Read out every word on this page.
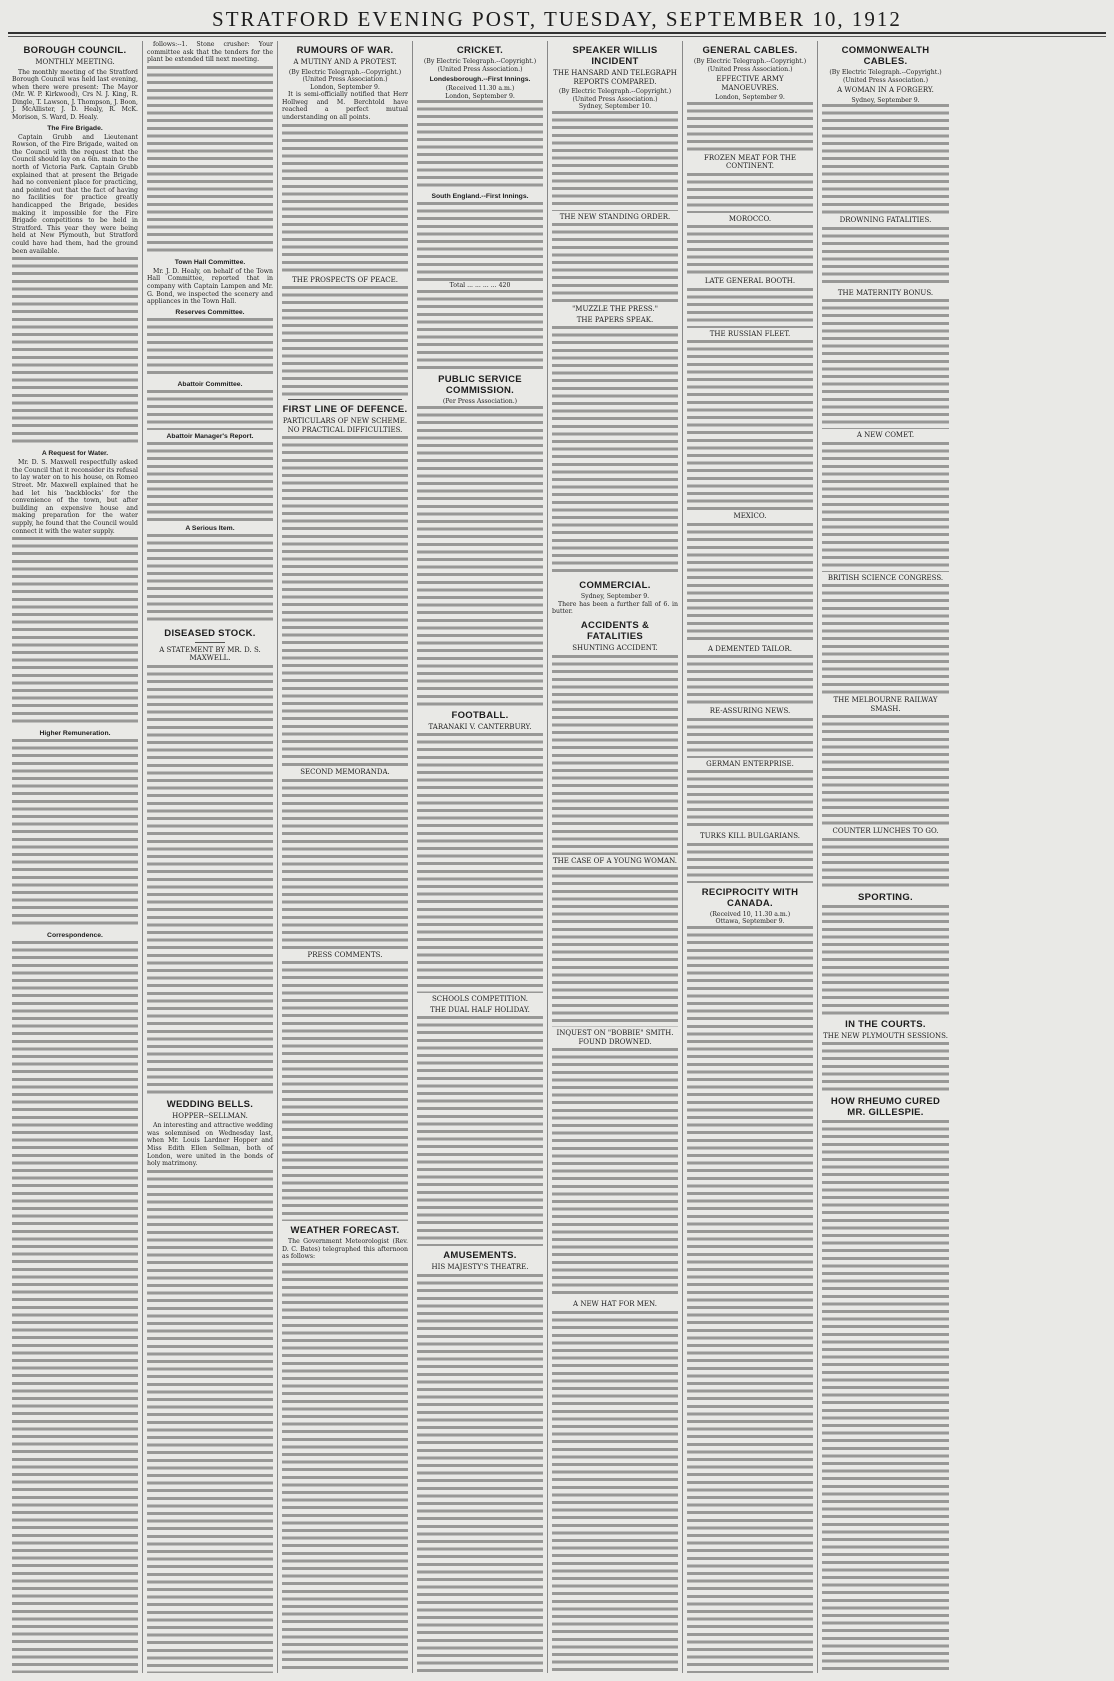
STRATFORD EVENING POST, TUESDAY, SEPTEMBER 10, 1912
BOROUGH COUNCIL.
MONTHLY MEETING.

The monthly meeting of the Stratford Borough Council was held last evening, when there were present: The Mayor (Mr. W. P. Kirkwood), Crs N. J. King, R. Dingle, T. Lawson, J. Thompson, J. Boon, J. McAllister, J. D. Healy, R. McK. Morison, S. Ward, D. Healy.

The Fire Brigade.

Captain Grubb and Lieutenant Rowson, of the Fire Brigade, waited on the Council with the request that the Council should lay on a 6in. main to the north of Victoria Park. Captain Grubb explained that at present the Brigade had no convenient place for practicing, and pointed out that the fact of having no facilities for practice greatly handicapped the Brigade, besides making it impossible for the Fire Brigade competitions to be held in Stratford. This year they were being held at New Plymouth, but Stratford could have had them, had the ground been available.

A Request for Water.

Mr. D. S. Maxwell respectfully asked the Council that it reconsider its refusal to lay water on to his house, on Romeo Street. Mr. Maxwell explained that he had let his 'backblocks' for the convenience of the town, but after building an expensive house and making preparation for the water supply, he found that the Council would connect it with the water supply.

Higher Remuneration.
Correspondence.

follows:--1. Stone crusher: Your committee ask that the tenders for the plant be extended till next meeting.

Town Hall Committee.

Mr. J. D. Healy, on behalf of the Town Hall Committee, reported that in company with Captain Lampen and Mr. G. Bond, we inspected the scenery and appliances in the Town Hall.

Reserves Committee.
Abattoir Committee.
Abattoir Manager's Report.
A Serious Item.
DISEASED STOCK.
A STATEMENT BY MR. D. S. MAXWELL.
WEDDING BELLS.
HOPPER--SELLMAN.

An interesting and attractive wedding was solemnised on Wednesday last, when Mr. Louis Lardner Hopper and Miss Edith Ellen Sellman, both of London, were united in the bonds of holy matrimony.

RUMOURS OF WAR.
A MUTINY AND A PROTEST.
(By Electric Telegraph.--Copyright.)
(United Press Association.)
London, September 9.

It is semi-officially notified that Herr Hollweg and M. Berchtold have reached a perfect mutual understanding on all points.

THE PROSPECTS OF PEACE.
FIRST LINE OF DEFENCE.
PARTICULARS OF NEW SCHEME. NO PRACTICAL DIFFICULTIES.
SECOND MEMORANDA.
PRESS COMMENTS.
WEATHER FORECAST.

The Government Meteorologist (Rev. D. C. Bates) telegraphed this afternoon as follows:

CRICKET.
(By Electric Telegraph.--Copyright.)
(United Press Association.)
Londesborough.--First Innings.
(Received 11.30 a.m.)
London, September 9.
South England.--First Innings.
Total ... ... ... ... 420
PUBLIC SERVICE COMMISSION.
(Per Press Association.)
FOOTBALL.
TARANAKI V. CANTERBURY.
SCHOOLS COMPETITION.
THE DUAL HALF HOLIDAY.
AMUSEMENTS.
HIS MAJESTY'S THEATRE.
SPEAKER WILLIS INCIDENT
THE HANSARD AND TELEGRAPH REPORTS COMPARED.
(By Electric Telegraph.--Copyright.)
(United Press Association.)
Sydney, September 10.
THE NEW STANDING ORDER.
"MUZZLE THE PRESS."
THE PAPERS SPEAK.
COMMERCIAL.
Sydney, September 9.

There has been a further fall of 6. in butter.

ACCIDENTS & FATALITIES
SHUNTING ACCIDENT.
THE CASE OF A YOUNG WOMAN.
INQUEST ON "BOBBIE" SMITH. FOUND DROWNED.
A NEW HAT FOR MEN.
GENERAL CABLES.
(By Electric Telegraph.--Copyright.)
(United Press Association.)
EFFECTIVE ARMY MANOEUVRES.
London, September 9.
FROZEN MEAT FOR THE CONTINENT.
MOROCCO.
LATE GENERAL BOOTH.
THE RUSSIAN FLEET.
MEXICO.
A DEMENTED TAILOR.
RE-ASSURING NEWS.
GERMAN ENTERPRISE.
TURKS KILL BULGARIANS.
RECIPROCITY WITH CANADA.
(Received 10, 11.30 a.m.)
Ottawa, September 9.
COMMONWEALTH CABLES.
(By Electric Telegraph.--Copyright.)
(United Press Association.)
A WOMAN IN A FORGERY.
Sydney, September 9.
DROWNING FATALITIES.
THE MATERNITY BONUS.
A NEW COMET.
BRITISH SCIENCE CONGRESS.
THE MELBOURNE RAILWAY SMASH.
COUNTER LUNCHES TO GO.
SPORTING.
IN THE COURTS.
THE NEW PLYMOUTH SESSIONS.
HOW RHEUMO CURED MR. GILLESPIE.
